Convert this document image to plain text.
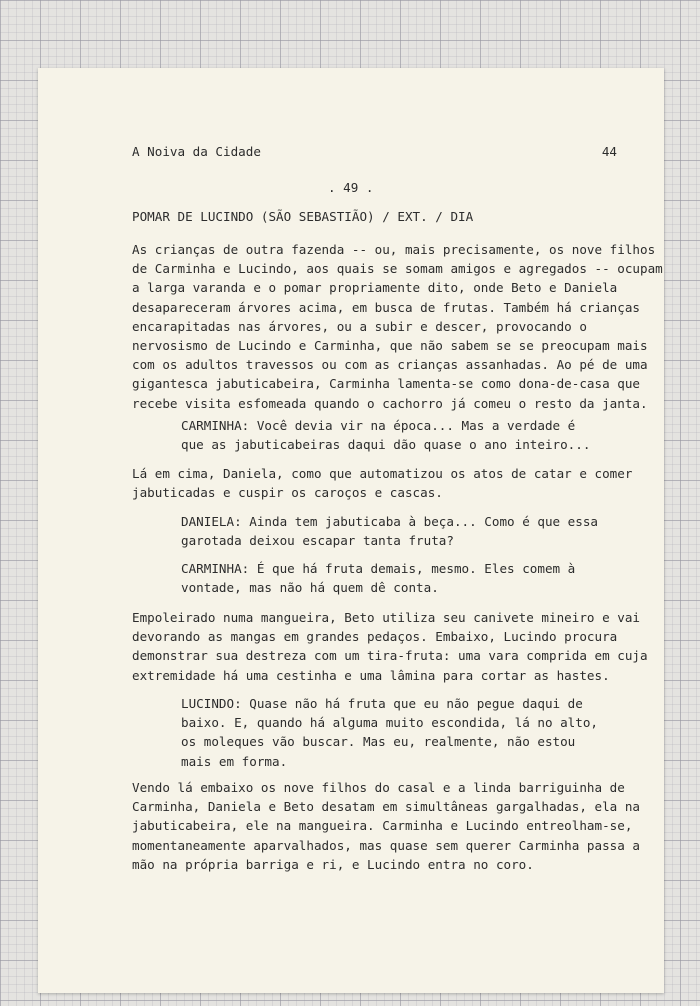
A Noiva da Cidade	44
. 49 .
POMAR DE LUCINDO (SÃO SEBASTIÃO) / EXT. / DIA
As crianças de outra fazenda -- ou, mais precisamente, os nove filhos
de Carminha e Lucindo, aos quais se somam amigos e agregados -- ocupam
a larga varanda e o pomar propriamente dito, onde Beto e Daniela
desapareceram árvores acima, em busca de frutas. Também há crianças
encarapitadas nas árvores, ou a subir e descer, provocando o
nervosismo de Lucindo e Carminha, que não sabem se se preocupam mais
com os adultos travessos ou com as crianças assanhadas. Ao pé de uma
gigantesca jabuticabeira, Carminha lamenta-se como dona-de-casa que
recebe visita esfomeada quando o cachorro já comeu o resto da janta.
CARMINHA: Você devia vir na época... Mas a verdade é
que as jabuticabeiras daqui dão quase o ano inteiro...
Lá em cima, Daniela, como que automatizou os atos de catar e comer
jabuticadas e cuspir os caroços e cascas.
DANIELA: Ainda tem jabuticaba à beça... Como é que essa
garotada deixou escapar tanta fruta?
CARMINHA: É que há fruta demais, mesmo. Eles comem à
vontade, mas não há quem dê conta.
Empoleirado numa mangueira, Beto utiliza seu canivete mineiro e vai
devorando as mangas em grandes pedaços. Embaixo, Lucindo procura
demonstrar sua destreza com um tira-fruta: uma vara comprida em cuja
extremidade há uma cestinha e uma lâmina para cortar as hastes.
LUCINDO: Quase não há fruta que eu não pegue daqui de
baixo. E, quando há alguma muito escondida, lá no alto,
os moleques vão buscar. Mas eu, realmente, não estou
mais em forma.
Vendo lá embaixo os nove filhos do casal e a linda barriguinha de
Carminha, Daniela e Beto desatam em simultâneas gargalhadas, ela na
jabuticabeira, ele na mangueira. Carminha e Lucindo entreolham-se,
momentaneamente aparvalhados, mas quase sem querer Carminha passa a
mão na própria barriga e ri, e Lucindo entra no coro.
